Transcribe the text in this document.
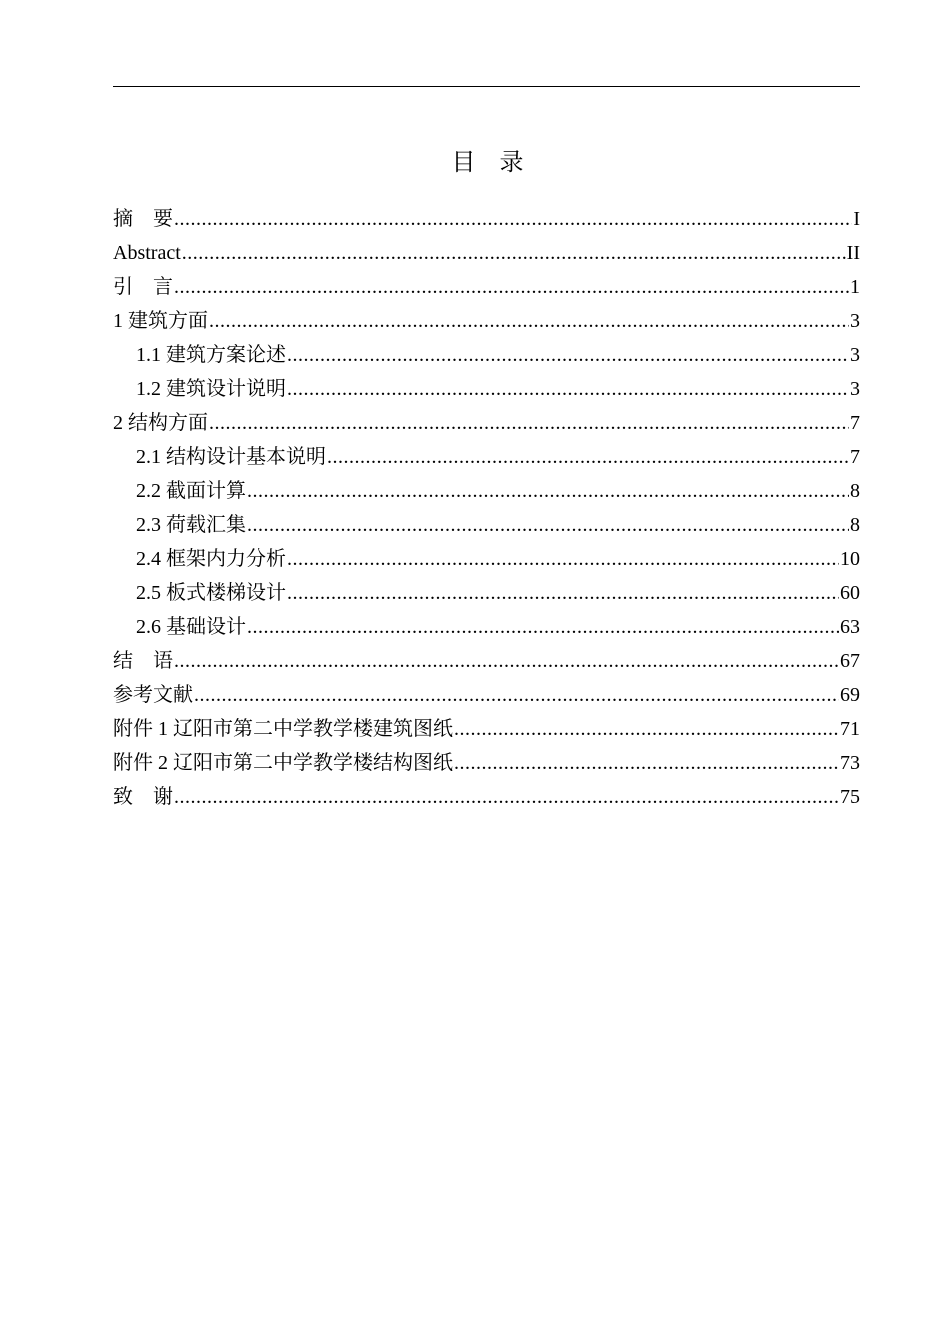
目　录
摘　要 .....	I
Abstract .....	II
引　言 .....	1
1 建筑方面 .....	3
1.1 建筑方案论述 .....	3
1.2 建筑设计说明 .....	3
2 结构方面 .....	7
2.1 结构设计基本说明 .....	7
2.2 截面计算 .....	8
2.3 荷载汇集 .....	8
2.4 框架内力分析 .....	10
2.5 板式楼梯设计 .....	60
2.6 基础设计 .....	63
结　语 .....	67
参考文献 .....	69
附件 1 辽阳市第二中学教学楼建筑图纸 .....	71
附件 2 辽阳市第二中学教学楼结构图纸 .....	73
致　谢 .....	75
